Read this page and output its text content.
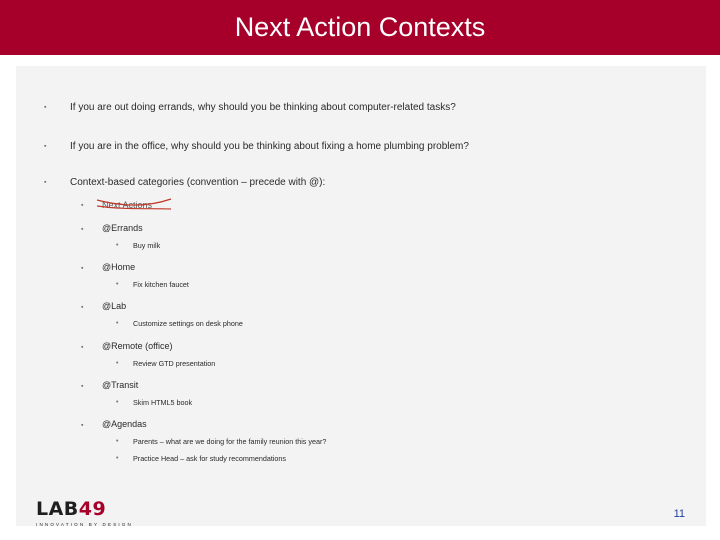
Next Action Contexts
▪ If you are out doing errands, why should you be thinking about computer-related tasks?
▪ If you are in the office, why should you be thinking about fixing a home plumbing problem?
▪ Context-based categories (convention – precede with @):
▪ Next Actions
▪ @Errands
• Buy milk
▪ @Home
• Fix kitchen faucet
▪ @Lab
• Customize settings on desk phone
▪ @Remote (office)
• Review GTD presentation
▪ @Transit
• Skim HTML5 book
▪ @Agendas
• Parents – what are we doing for the family reunion this year?
• Practice Head – ask for study recommendations
LAB49
INNOVATION BY DESIGN
11
